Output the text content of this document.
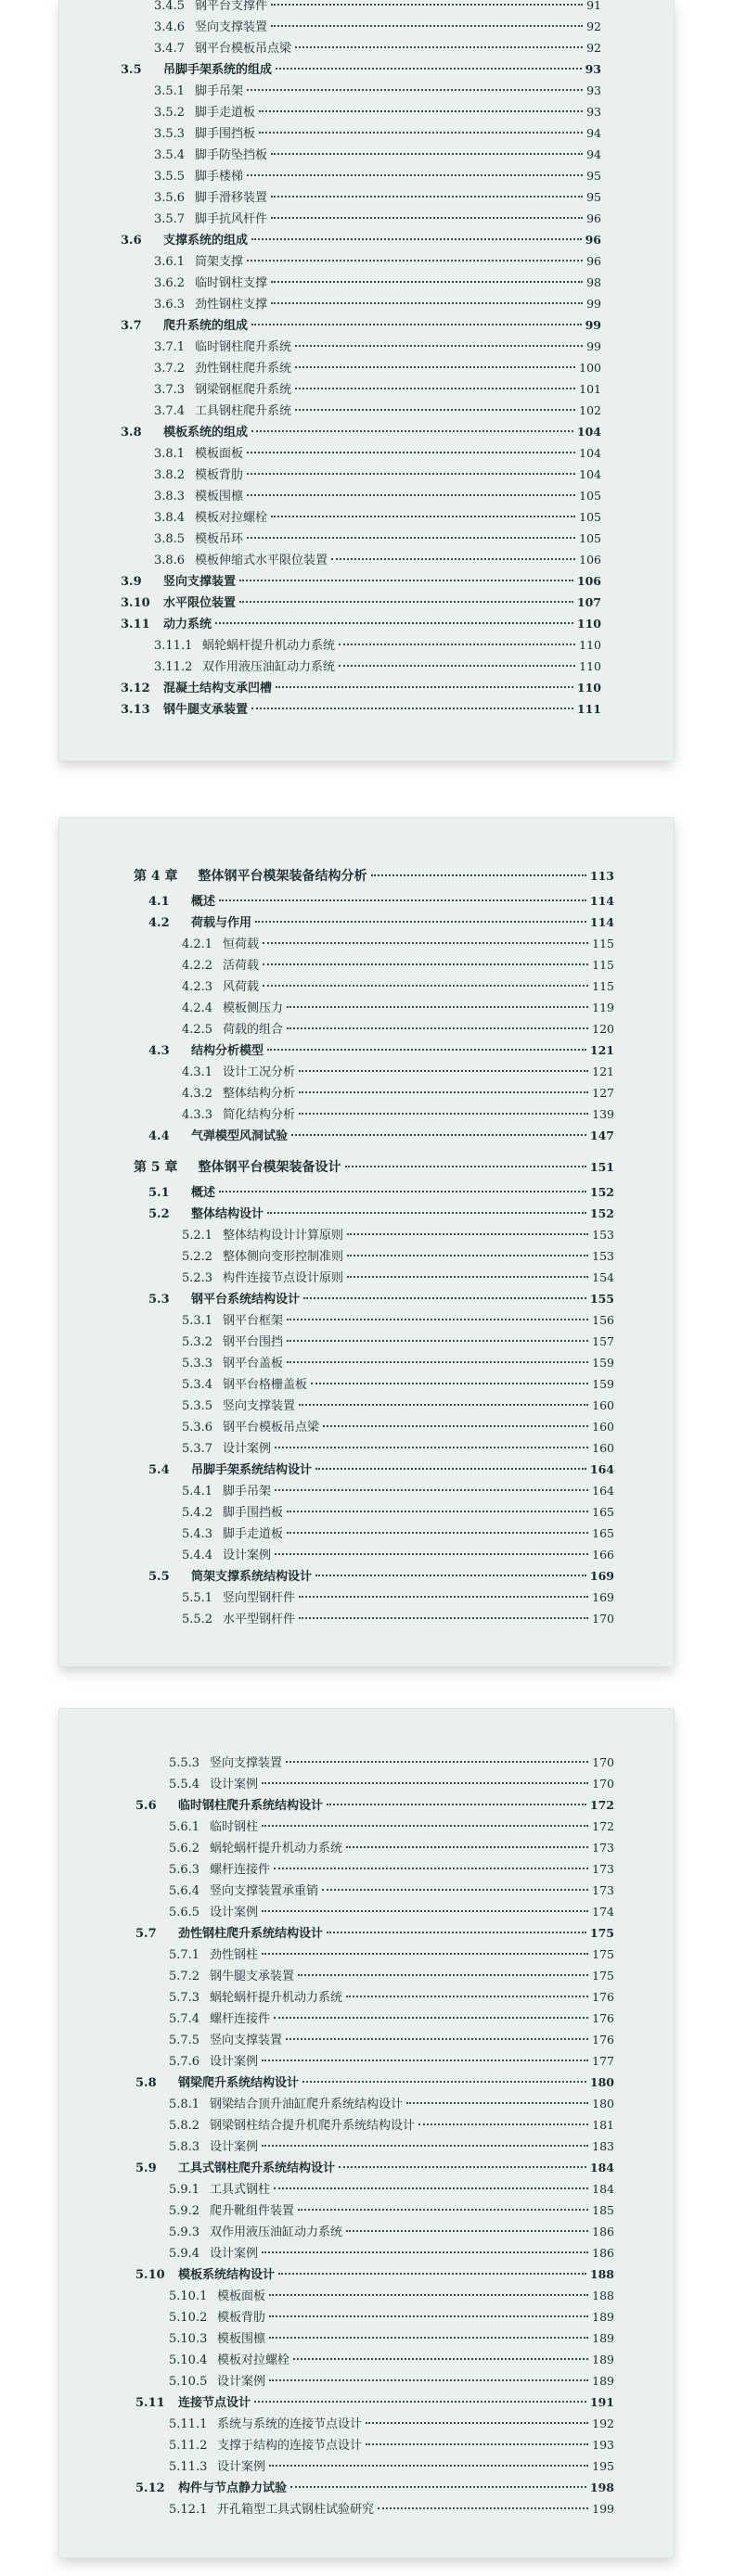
3.4.5 钢平台支撑件	91
3.4.6 竖向支撑装置	92
3.4.7 钢平台模板吊点梁	92
3.5	吊脚手架系统的组成	93
3.5.1 脚手吊架	93
3.5.2 脚手走道板	93
3.5.3 脚手围挡板	94
3.5.4 脚手防坠挡板	94
3.5.5 脚手楼梯	95
3.5.6 脚手滑移装置	95
3.5.7 脚手抗风杆件	96
3.6	支撑系统的组成	96
3.6.1 筒架支撑	96
3.6.2 临时钢柱支撑	98
3.6.3 劲性钢柱支撑	99
3.7	爬升系统的组成	99
3.7.1 临时钢柱爬升系统	99
3.7.2 劲性钢柱爬升系统	100
3.7.3 钢梁钢框爬升系统	101
3.7.4 工具钢柱爬升系统	102
3.8	模板系统的组成	104
3.8.1 模板面板	104
3.8.2 模板背肋	104
3.8.3 模板围檩	105
3.8.4 模板对拉螺栓	105
3.8.5 模板吊环	105
3.8.6 模板伸缩式水平限位装置	106
3.9	竖向支撑装置	106
3.10	水平限位装置	107
3.11	动力系统	110
3.11.1 蜗轮蜗杆提升机动力系统	110
3.11.2 双作用液压油缸动力系统	110
3.12	混凝土结构支承凹槽	110
3.13	钢牛腿支承装置	111
第 4 章 整体钢平台模架装备结构分析	113
4.1	概述	114
4.2	荷载与作用	114
4.2.1 恒荷载	115
4.2.2 活荷载	115
4.2.3 风荷载	115
4.2.4 模板侧压力	119
4.2.5 荷载的组合	120
4.3	结构分析模型	121
4.3.1 设计工况分析	121
4.3.2 整体结构分析	127
4.3.3 简化结构分析	139
4.4	气弹模型风洞试验	147
第 5 章 整体钢平台模架装备设计	151
5.1	概述	152
5.2	整体结构设计	152
5.2.1 整体结构设计计算原则	153
5.2.2 整体侧向变形控制准则	153
5.2.3 构件连接节点设计原则	154
5.3	钢平台系统结构设计	155
5.3.1 钢平台框架	156
5.3.2 钢平台围挡	157
5.3.3 钢平台盖板	159
5.3.4 钢平台格栅盖板	159
5.3.5 竖向支撑装置	160
5.3.6 钢平台模板吊点梁	160
5.3.7 设计案例	160
5.4	吊脚手架系统结构设计	164
5.4.1 脚手吊架	164
5.4.2 脚手围挡板	165
5.4.3 脚手走道板	165
5.4.4 设计案例	166
5.5	筒架支撑系统结构设计	169
5.5.1 竖向型钢杆件	169
5.5.2 水平型钢杆件	170
5.5.3 竖向支撑装置	170
5.5.4 设计案例	170
5.6	临时钢柱爬升系统结构设计	172
5.6.1 临时钢柱	172
5.6.2 蜗轮蜗杆提升机动力系统	173
5.6.3 螺杆连接件	173
5.6.4 竖向支撑装置承重销	173
5.6.5 设计案例	174
5.7	劲性钢柱爬升系统结构设计	175
5.7.1 劲性钢柱	175
5.7.2 钢牛腿支承装置	175
5.7.3 蜗轮蜗杆提升机动力系统	176
5.7.4 螺杆连接件	176
5.7.5 竖向支撑装置	176
5.7.6 设计案例	177
5.8	钢梁爬升系统结构设计	180
5.8.1 钢梁结合顶升油缸爬升系统结构设计	180
5.8.2 钢梁钢柱结合提升机爬升系统结构设计	181
5.8.3 设计案例	183
5.9	工具式钢柱爬升系统结构设计	184
5.9.1 工具式钢柱	184
5.9.2 爬升靴组件装置	185
5.9.3 双作用液压油缸动力系统	186
5.9.4 设计案例	186
5.10	模板系统结构设计	188
5.10.1 模板面板	188
5.10.2 模板背肋	189
5.10.3 模板围檩	189
5.10.4 模板对拉螺栓	189
5.10.5 设计案例	189
5.11	连接节点设计	191
5.11.1 系统与系统的连接节点设计	192
5.11.2 支撑于结构的连接节点设计	193
5.11.3 设计案例	195
5.12	构件与节点静力试验	198
5.12.1 开孔箱型工具式钢柱试验研究	199
